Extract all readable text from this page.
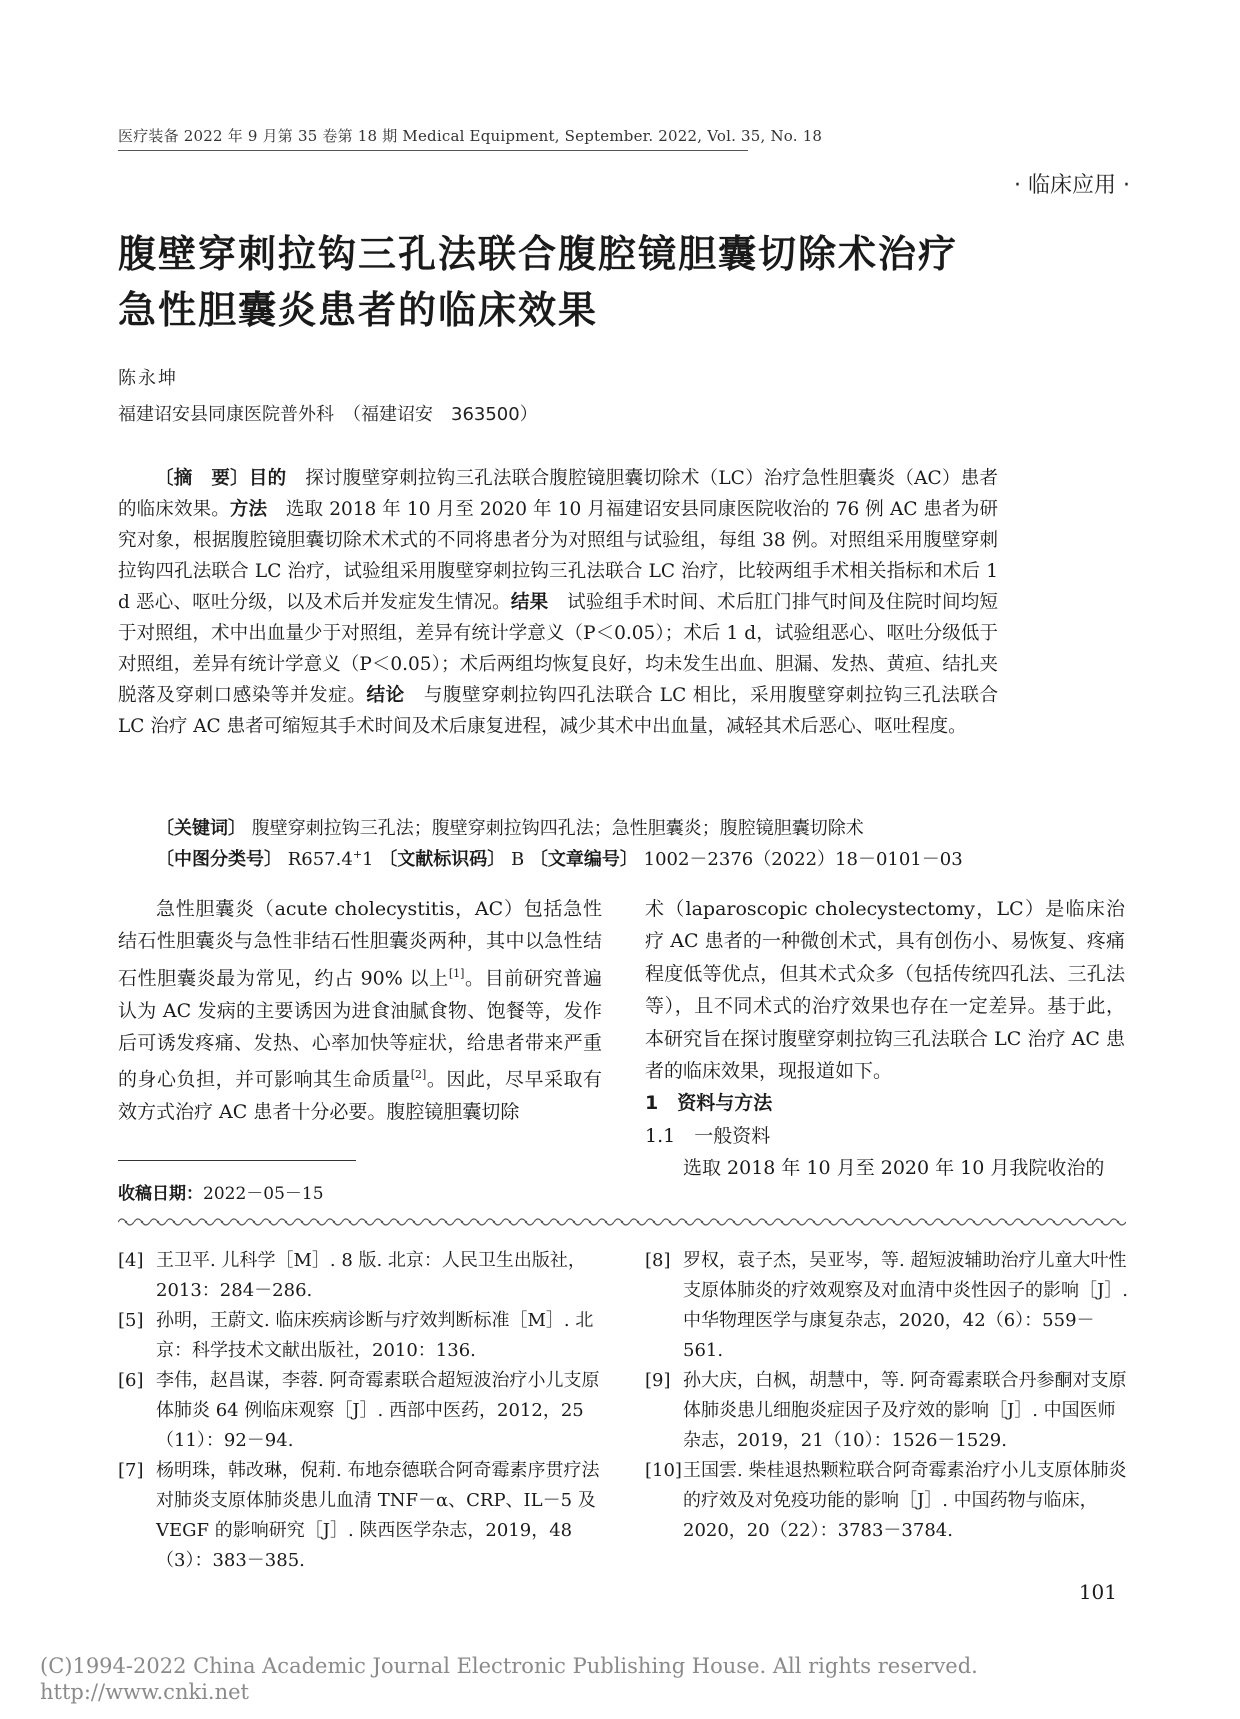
医疗装备 2022 年 9 月第 35 卷第 18 期 Medical Equipment, September. 2022, Vol. 35, No. 18
· 临床应用 ·
腹壁穿刺拉钩三孔法联合腹腔镜胆囊切除术治疗
急性胆囊炎患者的临床效果
陈永坤
福建诏安县同康医院普外科　（福建诏安　363500）

〔摘　要〕目的　探讨腹壁穿刺拉钩三孔法联合腹腔镜胆囊切除术（LC）治疗急性胆囊炎（AC）患者的临床效果。方法　选取 2018 年 10 月至 2020 年 10 月福建诏安县同康医院收治的 76 例 AC 患者为研究对象，根据腹腔镜胆囊切除术术式的不同将患者分为对照组与试验组，每组 38 例。对照组采用腹壁穿刺拉钩四孔法联合 LC 治疗，试验组采用腹壁穿刺拉钩三孔法联合 LC 治疗，比较两组手术相关指标和术后 1 d 恶心、呕吐分级，以及术后并发症发生情况。结果　试验组手术时间、术后肛门排气时间及住院时间均短于对照组，术中出血量少于对照组，差异有统计学意义（P＜0.05）；术后 1 d，试验组恶心、呕吐分级低于对照组，差异有统计学意义（P＜0.05）；术后两组均恢复良好，均未发生出血、胆漏、发热、黄疸、结扎夹脱落及穿刺口感染等并发症。结论　与腹壁穿刺拉钩四孔法联合 LC 相比，采用腹壁穿刺拉钩三孔法联合 LC 治疗 AC 患者可缩短其手术时间及术后康复进程，减少其术中出血量，减轻其术后恶心、呕吐程度。

〔关键词〕 腹壁穿刺拉钩三孔法；腹壁穿刺拉钩四孔法；急性胆囊炎；腹腔镜胆囊切除术
〔中图分类号〕 R657.4+1 〔文献标识码〕 B 〔文章编号〕 1002－2376（2022）18－0101－03

急性胆囊炎（acute cholecystitis，AC）包括急性结石性胆囊炎与急性非结石性胆囊炎两种，其中以急性结石性胆囊炎最为常见，约占 90% 以上[1]。目前研究普遍认为 AC 发病的主要诱因为进食油腻食物、饱餐等，发作后可诱发疼痛、发热、心率加快等症状，给患者带来严重的身心负担，并可影响其生命质量[2]。因此，尽早采取有效方式治疗 AC 患者十分必要。腹腔镜胆囊切除

术（laparoscopic cholecystectomy，LC）是临床治疗 AC 患者的一种微创术式，具有创伤小、易恢复、疼痛程度低等优点，但其术式众多（包括传统四孔法、三孔法等），且不同术式的治疗效果也存在一定差异。基于此，本研究旨在探讨腹壁穿刺拉钩三孔法联合 LC 治疗 AC 患者的临床效果，现报道如下。

1　资料与方法

1.1　一般资料

选取 2018 年 10 月至 2020 年 10 月我院收治的

收稿日期：2022－05－15
[4] 王卫平. 儿科学［M］. 8 版. 北京：人民卫生出版社，2013：284－286.
[5] 孙明，王蔚文. 临床疾病诊断与疗效判断标准［M］. 北京：科学技术文献出版社，2010：136.
[6] 李伟，赵昌谋，李蓉. 阿奇霉素联合超短波治疗小儿支原体肺炎 64 例临床观察［J］. 西部中医药，2012，25（11）：92－94.
[7] 杨明珠，韩改琳，倪莉. 布地奈德联合阿奇霉素序贯疗法对肺炎支原体肺炎患儿血清 TNF－α、CRP、IL－5 及 VEGF 的影响研究［J］. 陕西医学杂志，2019，48（3）：383－385.
[8] 罗权，袁子杰，吴亚岑，等. 超短波辅助治疗儿童大叶性支原体肺炎的疗效观察及对血清中炎性因子的影响［J］. 中华物理医学与康复杂志，2020，42（6）：559－561.
[9] 孙大庆，白枫，胡慧中，等. 阿奇霉素联合丹参酮对支原体肺炎患儿细胞炎症因子及疗效的影响［J］. 中国医师杂志，2019，21（10）：1526－1529.
[10] 王国雲. 柴桂退热颗粒联合阿奇霉素治疗小儿支原体肺炎的疗效及对免疫功能的影响［J］. 中国药物与临床，2020，20（22）：3783－3784.
101
(C)1994-2022 China Academic Journal Electronic Publishing House. All rights reserved.　 http://www.cnki.net
